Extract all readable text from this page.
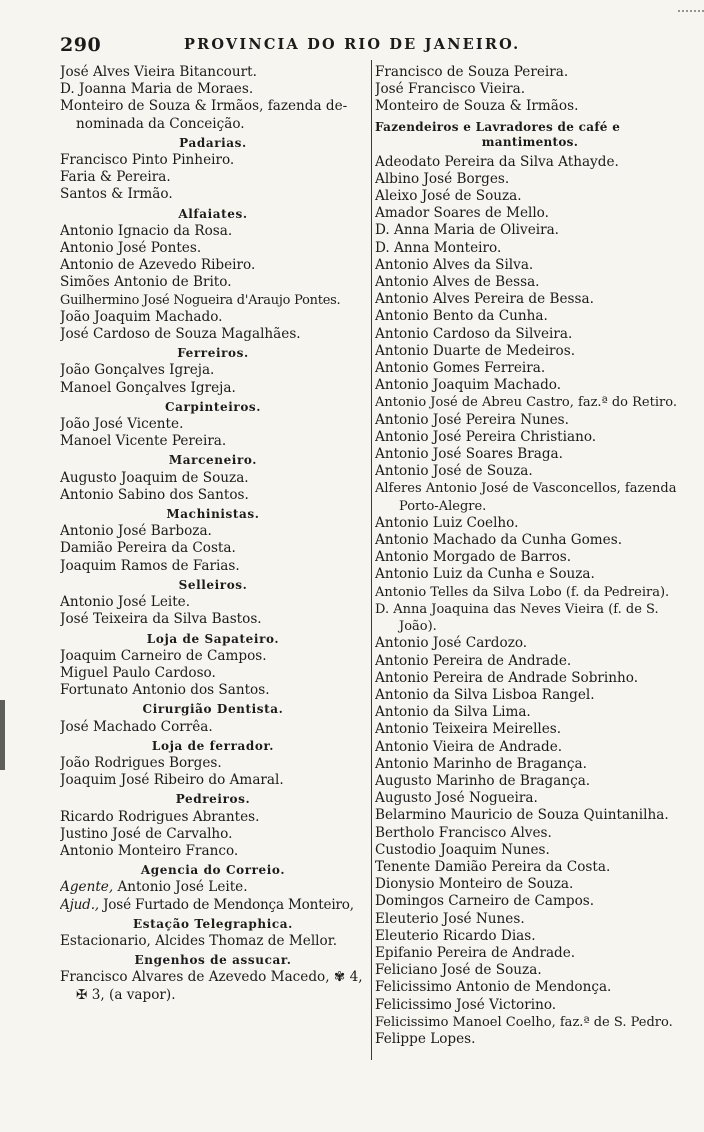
290	PROVINCIA DO RIO DE JANEIRO.
José Alves Vieira Bitancourt.
D. Joanna Maria de Moraes.
Monteiro de Souza & Irmãos, fazenda de-
nominada da Conceição.
Padarias.
Francisco Pinto Pinheiro.
Faria & Pereira.
Santos & Irmão.
Alfaiates.
Antonio Ignacio da Rosa.
Antonio José Pontes.
Antonio de Azevedo Ribeiro.
Simões Antonio de Brito.
Guilhermino José Nogueira d'Araujo Pontes.
João Joaquim Machado.
José Cardoso de Souza Magalhães.
Ferreiros.
João Gonçalves Igreja.
Manoel Gonçalves Igreja.
Carpinteiros.
João José Vicente.
Manoel Vicente Pereira.
Marceneiro.
Augusto Joaquim de Souza.
Antonio Sabino dos Santos.
Machinistas.
Antonio José Barboza.
Damião Pereira da Costa.
Joaquim Ramos de Farias.
Selleiros.
Antonio José Leite.
José Teixeira da Silva Bastos.
Loja de Sapateiro.
Joaquim Carneiro de Campos.
Miguel Paulo Cardoso.
Fortunato Antonio dos Santos.
Cirurgião Dentista.
José Machado Corrêa.
Loja de ferrador.
João Rodrigues Borges.
Joaquim José Ribeiro do Amaral.
Pedreiros.
Ricardo Rodrigues Abrantes.
Justino José de Carvalho.
Antonio Monteiro Franco.
Agencia do Correio.
Agente, Antonio José Leite.
Ajud., José Furtado de Mendonça Monteiro,
Estação Telegraphica.
Estacionario, Alcides Thomaz de Mellor.
Engenhos de assucar.
Francisco Alvares de Azevedo Macedo, ✾ 4,
✠ 3, (a vapor).
Francisco de Souza Pereira.
José Francisco Vieira.
Monteiro de Souza & Irmãos.
Fazendeiros e Lavradores de café e
mantimentos.
Adeodato Pereira da Silva Athayde.
Albino José Borges.
Aleixo José de Souza.
Amador Soares de Mello.
D. Anna Maria de Oliveira.
D. Anna Monteiro.
Antonio Alves da Silva.
Antonio Alves de Bessa.
Antonio Alves Pereira de Bessa.
Antonio Bento da Cunha.
Antonio Cardoso da Silveira.
Antonio Duarte de Medeiros.
Antonio Gomes Ferreira.
Antonio Joaquim Machado.
Antonio José de Abreu Castro, faz.ª do Retiro.
Antonio José Pereira Nunes.
Antonio José Pereira Christiano.
Antonio José Soares Braga.
Antonio José de Souza.
Alferes Antonio José de Vasconcellos, fazenda Porto-Alegre.
Antonio Luiz Coelho.
Antonio Machado da Cunha Gomes.
Antonio Morgado de Barros.
Antonio Luiz da Cunha e Souza.
Antonio Telles da Silva Lobo (f. da Pedreira).
D. Anna Joaquina das Neves Vieira (f. de S. João).
Antonio José Cardozo.
Antonio Pereira de Andrade.
Antonio Pereira de Andrade Sobrinho.
Antonio da Silva Lisboa Rangel.
Antonio da Silva Lima.
Antonio Teixeira Meirelles.
Antonio Vieira de Andrade.
Antonio Marinho de Bragança.
Augusto Marinho de Bragança.
Augusto José Nogueira.
Belarmino Mauricio de Souza Quintanilha.
Bertholo Francisco Alves.
Custodio Joaquim Nunes.
Tenente Damião Pereira da Costa.
Dionysio Monteiro de Souza.
Domingos Carneiro de Campos.
Eleuterio José Nunes.
Eleuterio Ricardo Dias.
Epifanio Pereira de Andrade.
Feliciano José de Souza.
Felicissimo Antonio de Mendonça.
Felicissimo José Victorino.
Felicissimo Manoel Coelho, faz.ª de S. Pedro.
Felippe Lopes.
